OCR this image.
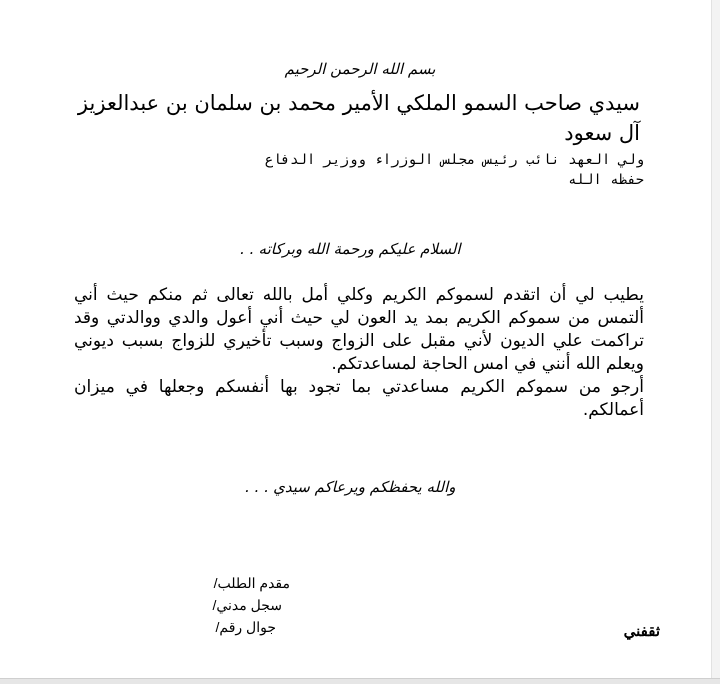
بسم الله الرحمن الرحيم
سيدي صاحب السمو الملكي الأمير محمد بن سلمان بن عبدالعزيز آل سعود
ولي العهد نائب رئيس مجلس الوزراء ووزير الدفاع
حفظه الله
السلام عليكم ورحمة الله وبركاته . .

يطيب لي أن اتقدم لسموكم الكريم وكلي أمل بالله تعالى ثم منكم حيث أني ألتمس من سموكم الكريم بمد يد العون لي حيث أني أعول والدي ووالدتي وقد تراكمت علي الديون لأني مقبل على الزواج وسبب تأخيري للزواج بسبب ديوني ويعلم الله أنني في امس الحاجة لمساعدتكم.

أرجو من سموكم الكريم مساعدتي بما تجود بها أنفسكم وجعلها في ميزان أعمالكم.

والله يحفظكم ويرعاكم سيدي . . .
مقدم الطلب/
سجل مدني/
جوال رقم/	ثقفني
